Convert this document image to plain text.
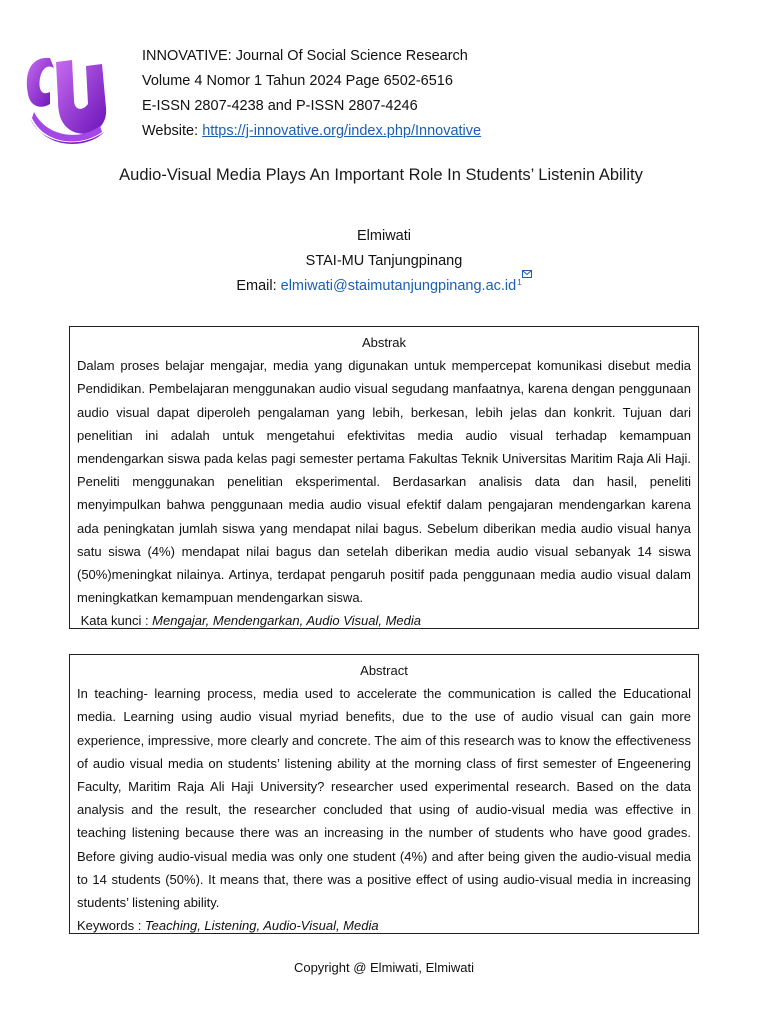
INNOVATIVE: Journal Of Social Science Research
Volume 4 Nomor 1 Tahun 2024 Page 6502-6516
E-ISSN 2807-4238 and P-ISSN 2807-4246
Website: https://j-innovative.org/index.php/Innovative
Audio-Visual Media Plays An Important Role In Students’ Listenin Ability
Elmiwati
STAI-MU Tanjungpinang
Email: $elmiwati@staimutanjungpinang.ac.id^1$
Abstrak
Dalam proses belajar mengajar, media yang digunakan untuk mempercepat komunikasi disebut media Pendidikan. Pembelajaran menggunakan audio visual segudang manfaatnya, karena dengan penggunaan audio visual dapat diperoleh pengalaman yang lebih, berkesan, lebih jelas dan konkrit. Tujuan dari penelitian ini adalah untuk mengetahui efektivitas media audio visual terhadap kemampuan mendengarkan siswa pada kelas pagi semester pertama Fakultas Teknik Universitas Maritim Raja Ali Haji. Peneliti menggunakan penelitian eksperimental. Berdasarkan analisis data dan hasil, peneliti menyimpulkan bahwa penggunaan media audio visual efektif dalam pengajaran mendengarkan karena ada peningkatan jumlah siswa yang mendapat nilai bagus. Sebelum diberikan media audio visual hanya satu siswa (4%) mendapat nilai bagus dan setelah diberikan media audio visual sebanyak 14 siswa (50%)meningkat nilainya. Artinya, terdapat pengaruh positif pada penggunaan media audio visual dalam meningkatkan kemampuan mendengarkan siswa.
Kata kunci : Mengajar, Mendengarkan, Audio Visual, Media
Abstract
In teaching- learning process, media used to accelerate the communication is called the Educational media. Learning using audio visual myriad benefits, due to the use of audio visual can gain more experience, impressive, more clearly and concrete. The aim of this research was to know the effectiveness of audio visual media on students’ listening ability at the morning class of first semester of Engeenering Faculty, Maritim Raja Ali Haji University? researcher used experimental research. Based on the data analysis and the result, the researcher concluded that using of audio-visual media was effective in teaching listening because there was an increasing in the number of students who have good grades. Before giving audio-visual media was only one student (4%) and after being given the audio-visual media to 14 students (50%). It means that, there was a positive effect of using audio-visual media in increasing students’ listening ability.
Keywords : Teaching, Listening, Audio-Visual, Media
Copyright @ Elmiwati, Elmiwati
